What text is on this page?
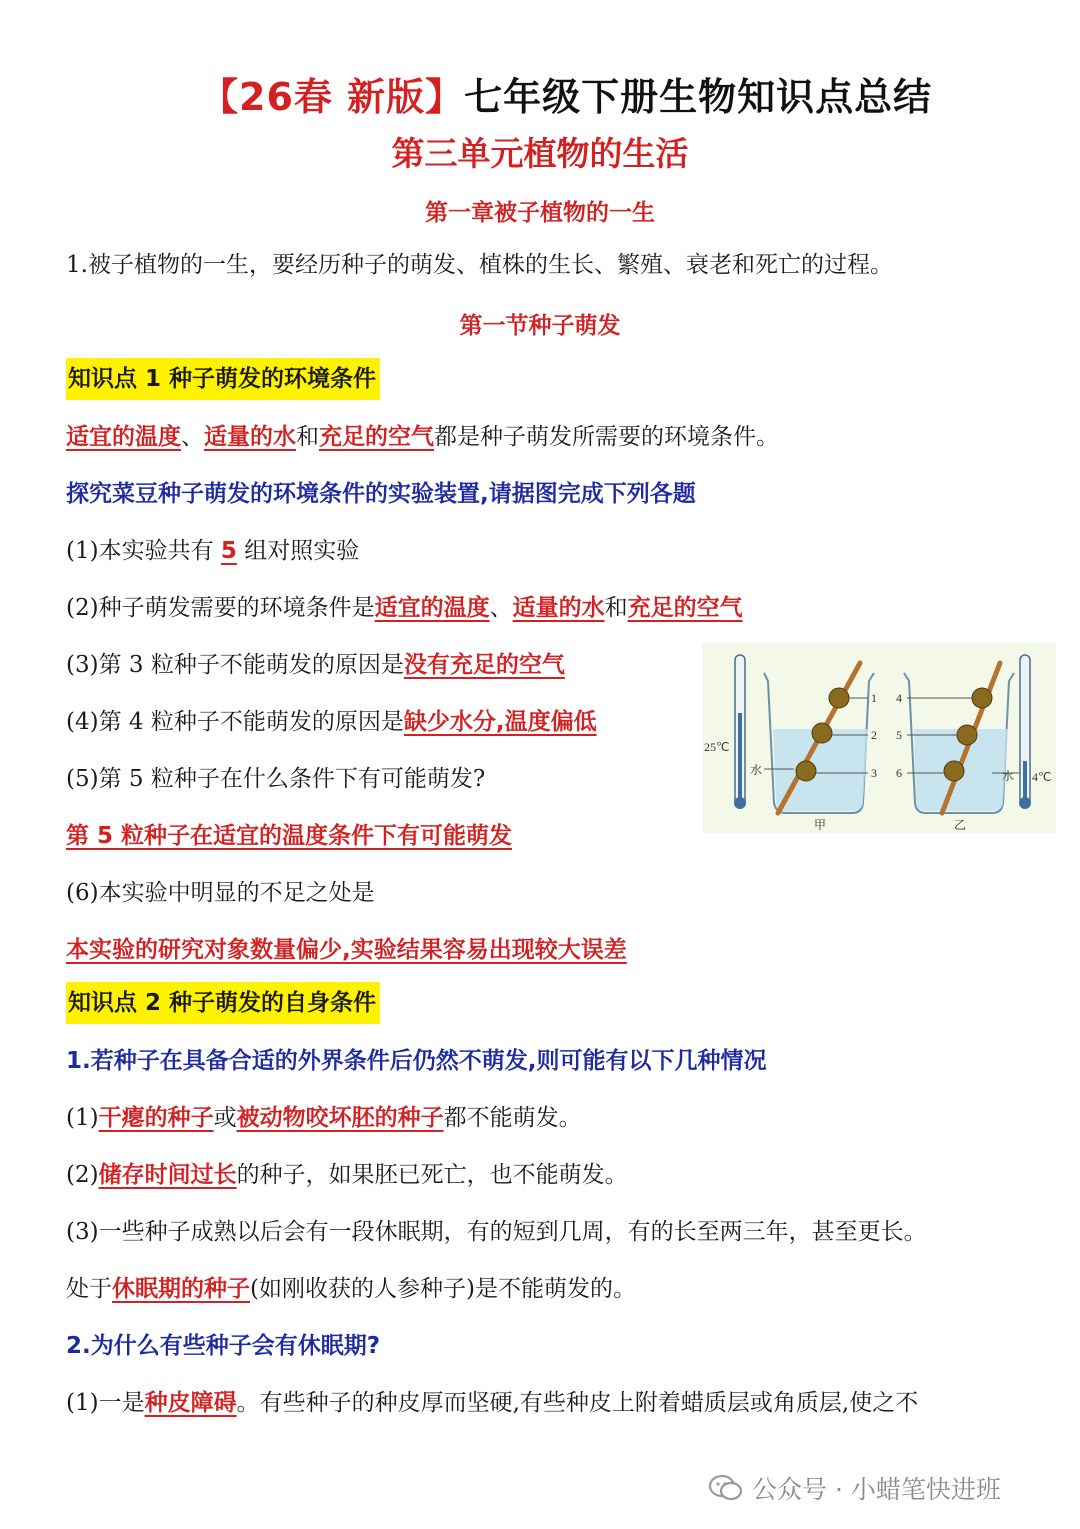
【26春 新版】七年级下册生物知识点总结
第三单元植物的生活
第一章被子植物的一生
1.被子植物的一生，要经历种子的萌发、植株的生长、繁殖、衰老和死亡的过程。
第一节种子萌发
知识点 1 种子萌发的环境条件
适宜的温度、适量的水和充足的空气都是种子萌发所需要的环境条件。
探究菜豆种子萌发的环境条件的实验装置,请据图完成下列各题
(1)本实验共有 5 组对照实验
(2)种子萌发需要的环境条件是适宜的温度、适量的水和充足的空气
(3)第 3 粒种子不能萌发的原因是没有充足的空气
(4)第 4 粒种子不能萌发的原因是缺少水分,温度偏低
(5)第 5 粒种子在什么条件下有可能萌发?
第 5 粒种子在适宜的温度条件下有可能萌发
(6)本实验中明显的不足之处是
本实验的研究对象数量偏少,实验结果容易出现较大误差
25℃
1
2
3
水
甲
4
5
6	水
乙
4℃
知识点 2 种子萌发的自身条件
1.若种子在具备合适的外界条件后仍然不萌发,则可能有以下几种情况
(1)干瘪的种子或被动物咬坏胚的种子都不能萌发。
(2)储存时间过长的种子，如果胚已死亡，也不能萌发。
(3)一些种子成熟以后会有一段休眠期，有的短到几周，有的长至两三年，甚至更长。
处于休眠期的种子(如刚收获的人参种子)是不能萌发的。
2.为什么有些种子会有休眠期?
(1)一是种皮障碍。有些种子的种皮厚而坚硬,有些种皮上附着蜡质层或角质层,使之不
公众号 · 小蜡笔快进班
